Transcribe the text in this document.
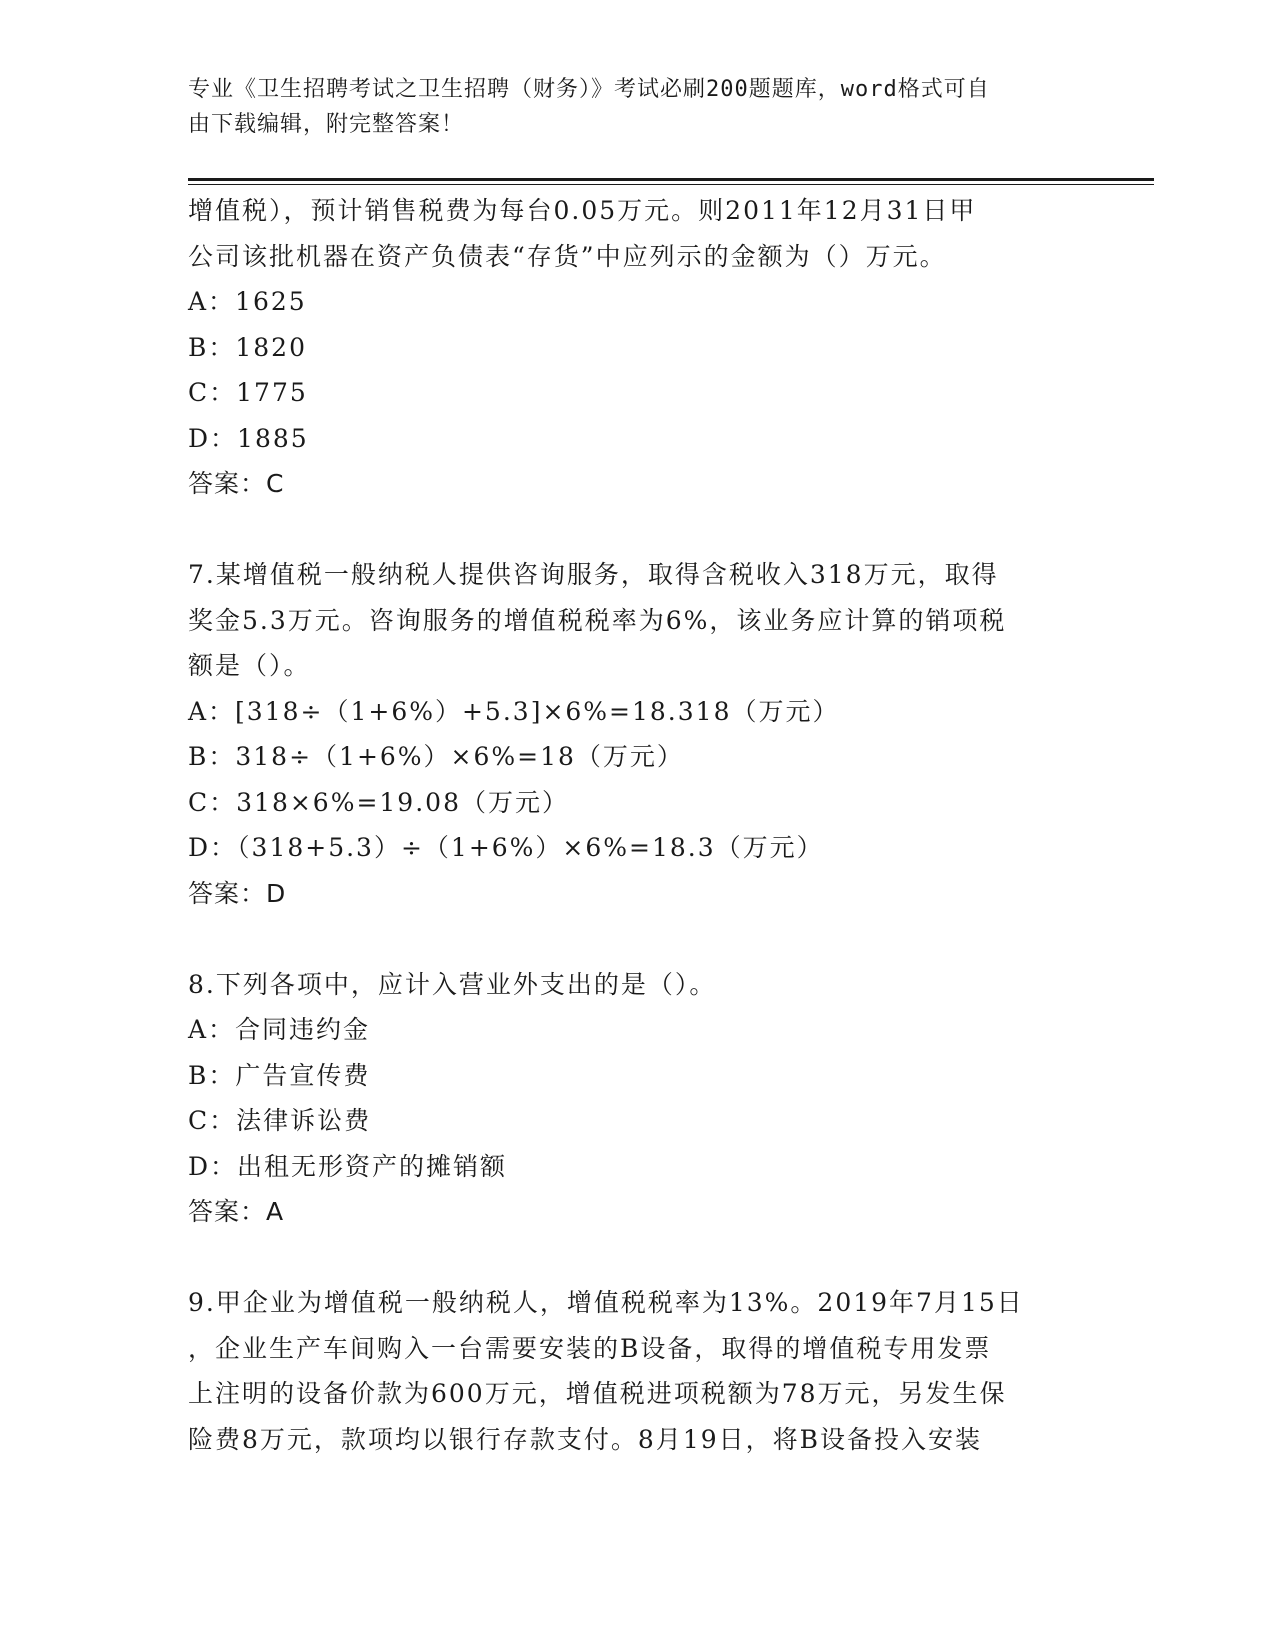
专业《卫生招聘考试之卫生招聘（财务）》考试必刷200题题库，word格式可自
由下载编辑，附完整答案！
增值税），预计销售税费为每台0.05万元。则2011年12月31日甲
公司该批机器在资产负债表“存货”中应列示的金额为（）万元。
A：1625
B：1820
C：1775
D：1885
答案：C
7.某增值税一般纳税人提供咨询服务，取得含税收入318万元，取得
奖金5.3万元。咨询服务的增值税税率为6%，该业务应计算的销项税
额是（）。
A：[318÷（1+6%）+5.3]×6%=18.318（万元）
B：318÷（1+6%）×6%=18（万元）
C：318×6%=19.08（万元）
D：（318+5.3）÷（1+6%）×6%=18.3（万元）
答案：D
8.下列各项中，应计入营业外支出的是（）。
A：合同违约金
B：广告宣传费
C：法律诉讼费
D：出租无形资产的摊销额
答案：A
9.甲企业为增值税一般纳税人，增值税税率为13%。2019年7月15日
，企业生产车间购入一台需要安装的B设备，取得的增值税专用发票
上注明的设备价款为600万元，增值税进项税额为78万元，另发生保
险费8万元，款项均以银行存款支付。8月19日，将B设备投入安装
